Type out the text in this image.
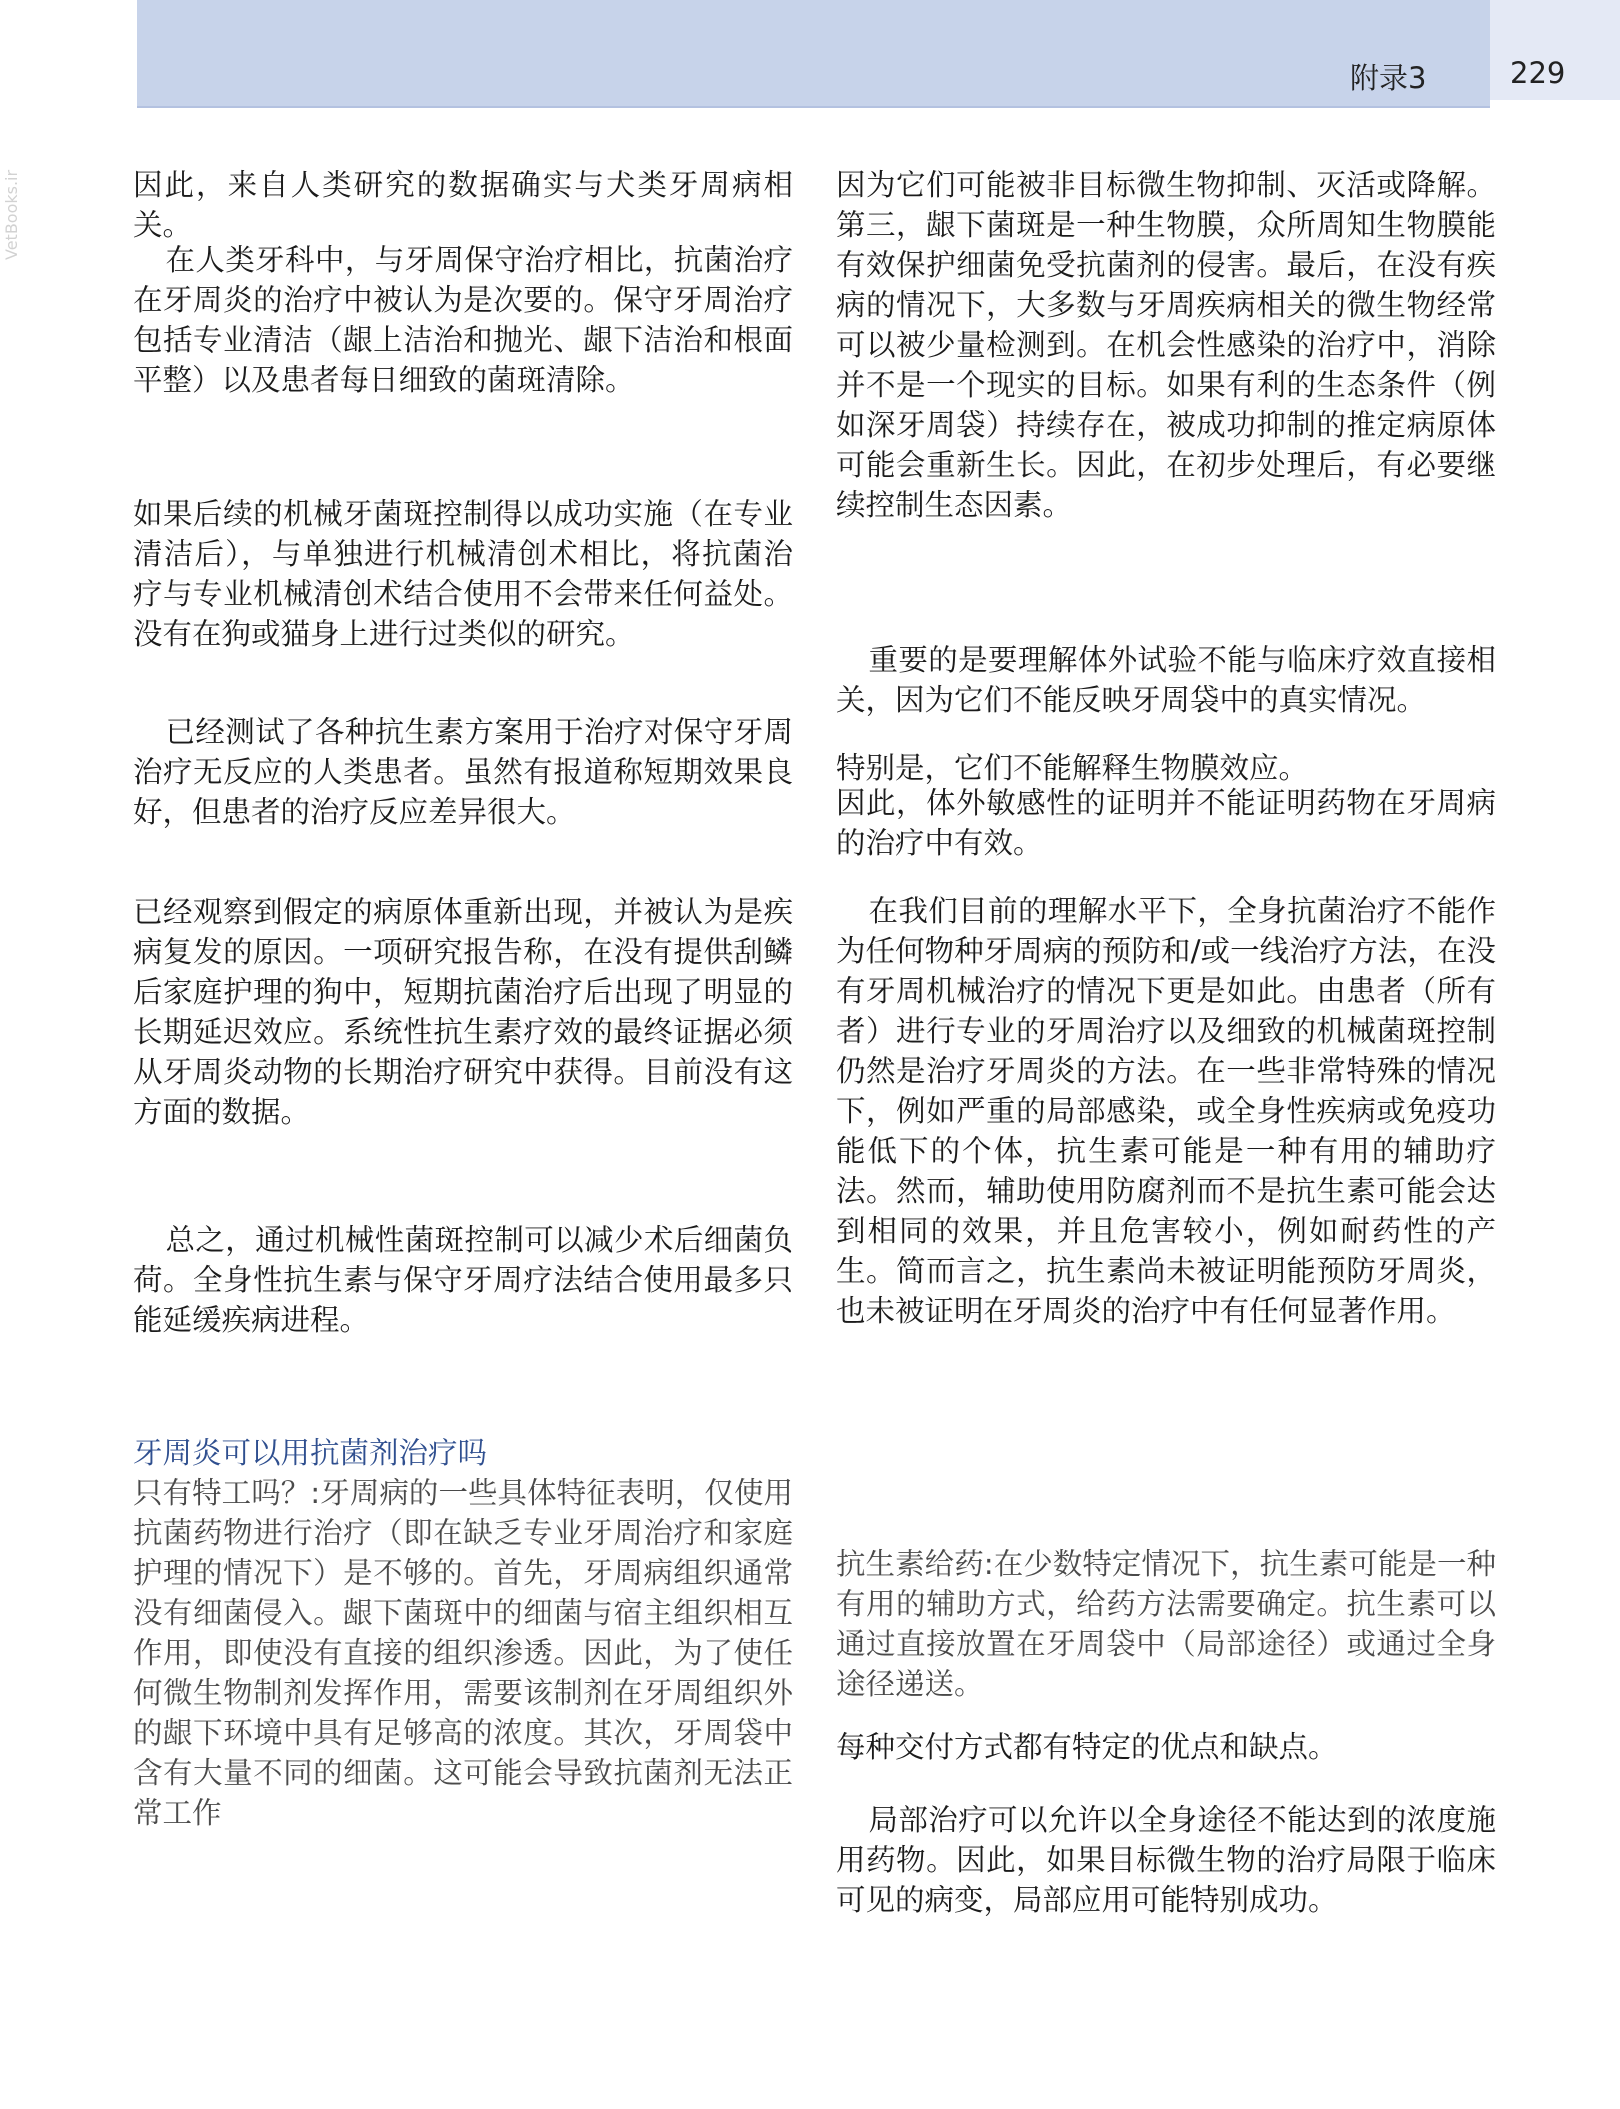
附录3	229
VetBooks.ir	因此，来自人类研究的数据确实与犬类牙周病相关。

在人类牙科中，与牙周保守治疗相比，抗菌治疗在牙周炎的治疗中被认为是次要的。保守牙周治疗包括专业清洁（龈上洁治和抛光、龈下洁治和根面平整）以及患者每日细致的菌斑清除。

如果后续的机械牙菌斑控制得以成功实施（在专业清洁后），与单独进行机械清创术相比，将抗菌治疗与专业机械清创术结合使用不会带来任何益处。没有在狗或猫身上进行过类似的研究。

已经测试了各种抗生素方案用于治疗对保守牙周治疗无反应的人类患者。虽然有报道称短期效果良好，但患者的治疗反应差异很大。

已经观察到假定的病原体重新出现，并被认为是疾病复发的原因。一项研究报告称，在没有提供刮鳞后家庭护理的狗中，短期抗菌治疗后出现了明显的长期延迟效应。系统性抗生素疗效的最终证据必须从牙周炎动物的长期治疗研究中获得。目前没有这方面的数据。

总之，通过机械性菌斑控制可以减少术后细菌负荷。全身性抗生素与保守牙周疗法结合使用最多只能延缓疾病进程。

牙周炎可以用抗菌剂治疗吗

只有特工吗？:牙周病的一些具体特征表明，仅使用抗菌药物进行治疗（即在缺乏专业牙周治疗和家庭护理的情况下）是不够的。首先，牙周病组织通常没有细菌侵入。龈下菌斑中的细菌与宿主组织相互作用，即使没有直接的组织渗透。因此，为了使任何微生物制剂发挥作用，需要该制剂在牙周组织外的龈下环境中具有足够高的浓度。其次，牙周袋中含有大量不同的细菌。这可能会导致抗菌剂无法正常工作

因为它们可能被非目标微生物抑制、灭活或降解。第三，龈下菌斑是一种生物膜，众所周知生物膜能有效保护细菌免受抗菌剂的侵害。最后，在没有疾病的情况下，大多数与牙周疾病相关的微生物经常可以被少量检测到。在机会性感染的治疗中，消除并不是一个现实的目标。如果有利的生态条件（例如深牙周袋）持续存在，被成功抑制的推定病原体可能会重新生长。因此，在初步处理后，有必要继续控制生态因素。

重要的是要理解体外试验不能与临床疗效直接相关，因为它们不能反映牙周袋中的真实情况。

特别是，它们不能解释生物膜效应。

因此，体外敏感性的证明并不能证明药物在牙周病的治疗中有效。

在我们目前的理解水平下，全身抗菌治疗不能作为任何物种牙周病的预防和/或一线治疗方法，在没有牙周机械治疗的情况下更是如此。由患者（所有者）进行专业的牙周治疗以及细致的机械菌斑控制仍然是治疗牙周炎的方法。在一些非常特殊的情况下，例如严重的局部感染，或全身性疾病或免疫功能低下的个体，抗生素可能是一种有用的辅助疗法。然而，辅助使用防腐剂而不是抗生素可能会达到相同的效果，并且危害较小，例如耐药性的产生。简而言之，抗生素尚未被证明能预防牙周炎，也未被证明在牙周炎的治疗中有任何显著作用。

抗生素给药:在少数特定情况下，抗生素可能是一种有用的辅助方式，给药方法需要确定。抗生素可以通过直接放置在牙周袋中（局部途径）或通过全身途径递送。

每种交付方式都有特定的优点和缺点。

局部治疗可以允许以全身途径不能达到的浓度施用药物。因此，如果目标微生物的治疗局限于临床可见的病变，局部应用可能特别成功。
